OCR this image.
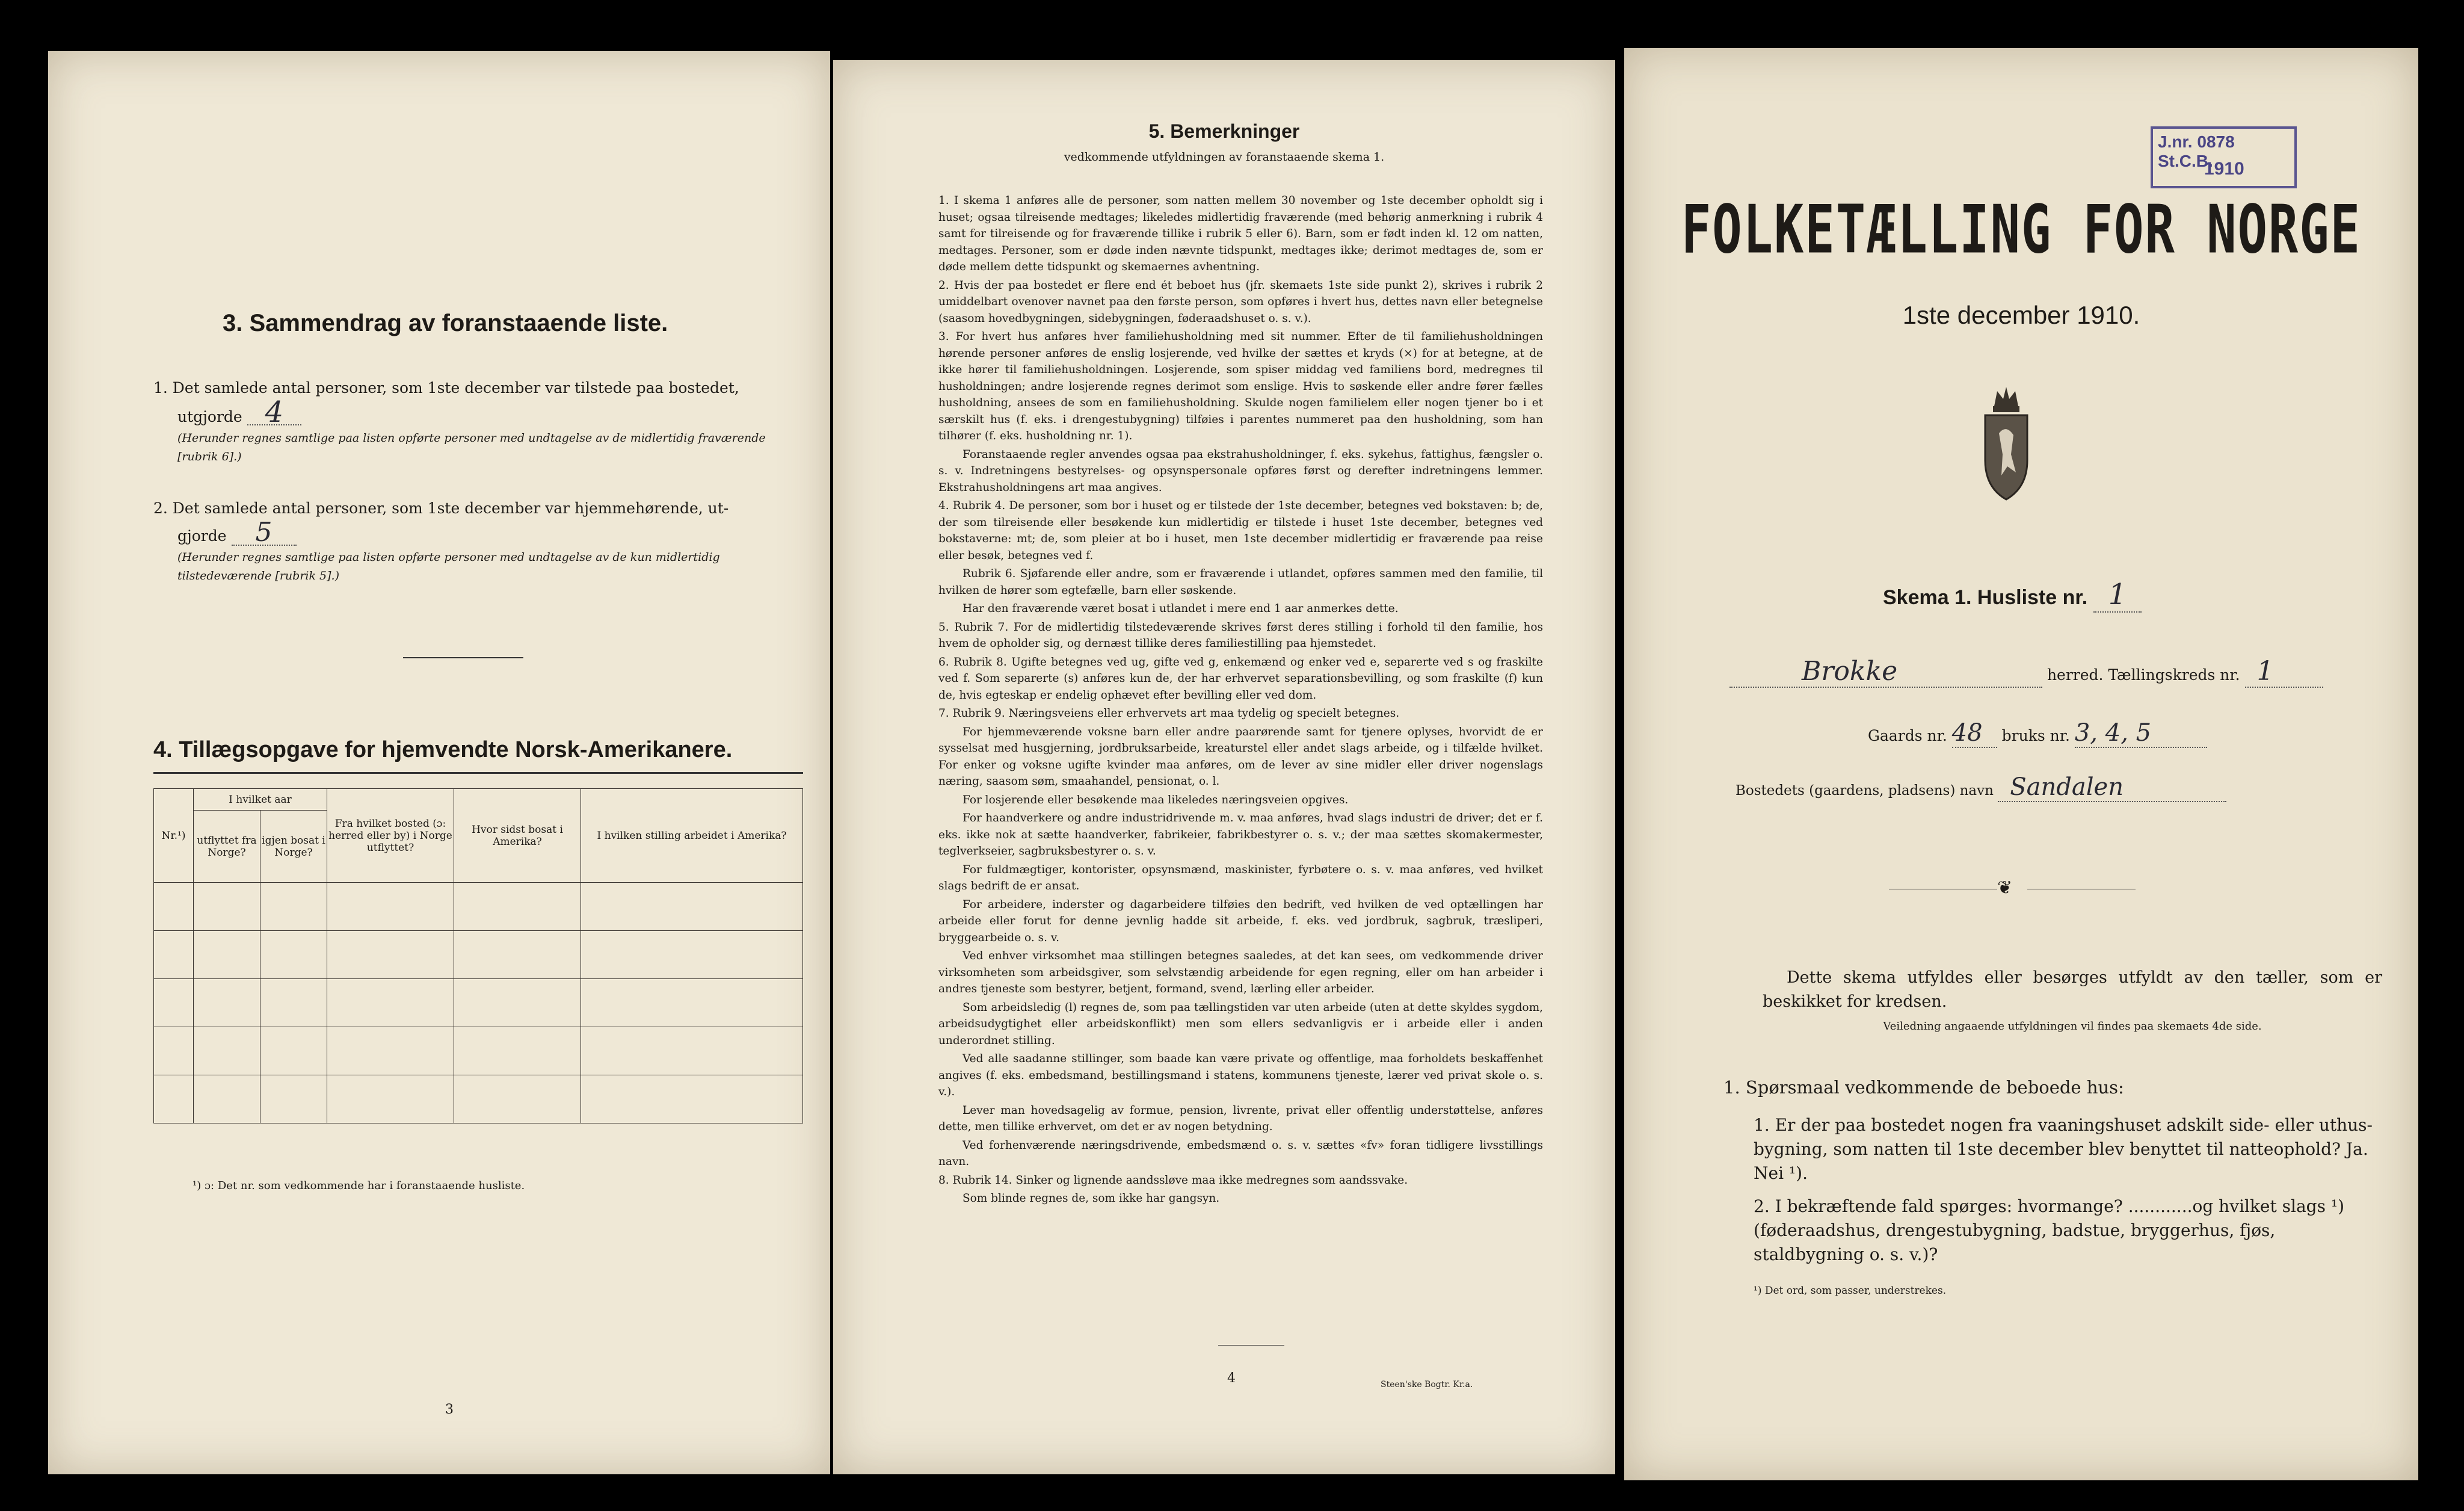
3. Sammendrag av foranstaaende liste.
1. Det samlede antal personer, som 1ste december var tilstede paa bostedet,
utgjorde 4
(Herunder regnes samtlige paa listen opførte personer med undtagelse av de midlertidig fraværende [rubrik 6].)
2. Det samlede antal personer, som 1ste december var hjemmehørende, ut-
gjorde 5
(Herunder regnes samtlige paa listen opførte personer med undtagelse av de kun midlertidig tilstedeværende [rubrik 5].)
4. Tillægsopgave for hjemvendte Norsk-Amerikanere.
Nr.¹)	I hvilket aar		Fra hvilket bosted (ɔ: herred eller by) i Norge utflyttet?	Hvor sidst bosat i Amerika?	I hvilken stilling arbeidet i Amerika?
	utflyttet fra Norge?	igjen bosat i Norge?			

¹) ɔ: Det nr. som vedkommende har i foranstaaende husliste.
3
5. Bemerkninger
vedkommende utfyldningen av foranstaaende skema 1.

1. I skema 1 anføres alle de personer, som natten mellem 30 november og 1ste december opholdt sig i huset; ogsaa tilreisende medtages; likeledes midlertidig fraværende (med behørig anmerkning i rubrik 4 samt for tilreisende og for fraværende tillike i rubrik 5 eller 6). Barn, som er født inden kl. 12 om natten, medtages. Personer, som er døde inden nævnte tidspunkt, medtages ikke; derimot medtages de, som er døde mellem dette tidspunkt og skemaernes avhentning.

2. Hvis der paa bostedet er flere end ét beboet hus (jfr. skemaets 1ste side punkt 2), skrives i rubrik 2 umiddelbart ovenover navnet paa den første person, som opføres i hvert hus, dettes navn eller betegnelse (saasom hovedbygningen, sidebygningen, føderaadshuset o. s. v.).

3. For hvert hus anføres hver familiehusholdning med sit nummer. Efter de til familiehusholdningen hørende personer anføres de enslig losjerende, ved hvilke der sættes et kryds (×) for at betegne, at de ikke hører til familiehusholdningen. Losjerende, som spiser middag ved familiens bord, medregnes til husholdningen; andre losjerende regnes derimot som enslige. Hvis to søskende eller andre fører fælles husholdning, ansees de som en familiehusholdning. Skulde nogen familielem eller nogen tjener bo i et særskilt hus (f. eks. i drengestubygning) tilføies i parentes nummeret paa den husholdning, som han tilhører (f. eks. husholdning nr. 1).

Foranstaaende regler anvendes ogsaa paa ekstrahusholdninger, f. eks. sykehus, fattighus, fængsler o. s. v. Indretningens bestyrelses- og opsynspersonale opføres først og derefter indretningens lemmer. Ekstrahusholdningens art maa angives.

4. Rubrik 4. De personer, som bor i huset og er tilstede der 1ste december, betegnes ved bokstaven: b; de, der som tilreisende eller besøkende kun midlertidig er tilstede i huset 1ste december, betegnes ved bokstaverne: mt; de, som pleier at bo i huset, men 1ste december midlertidig er fraværende paa reise eller besøk, betegnes ved f.

Rubrik 6. Sjøfarende eller andre, som er fraværende i utlandet, opføres sammen med den familie, til hvilken de hører som egtefælle, barn eller søskende.

Har den fraværende været bosat i utlandet i mere end 1 aar anmerkes dette.

5. Rubrik 7. For de midlertidig tilstedeværende skrives først deres stilling i forhold til den familie, hos hvem de opholder sig, og dernæst tillike deres familiestilling paa hjemstedet.

6. Rubrik 8. Ugifte betegnes ved ug, gifte ved g, enkemænd og enker ved e, separerte ved s og fraskilte ved f. Som separerte (s) anføres kun de, der har erhvervet separationsbevilling, og som fraskilte (f) kun de, hvis egteskap er endelig ophævet efter bevilling eller ved dom.

7. Rubrik 9. Næringsveiens eller erhvervets art maa tydelig og specielt betegnes.

For hjemmeværende voksne barn eller andre paarørende samt for tjenere oplyses, hvorvidt de er sysselsat med husgjerning, jordbruksarbeide, kreaturstel eller andet slags arbeide, og i tilfælde hvilket. For enker og voksne ugifte kvinder maa anføres, om de lever av sine midler eller driver nogenslags næring, saasom søm, smaahandel, pensionat, o. l.

For losjerende eller besøkende maa likeledes næringsveien opgives.

For haandverkere og andre industridrivende m. v. maa anføres, hvad slags industri de driver; det er f. eks. ikke nok at sætte haandverker, fabrikeier, fabrikbestyrer o. s. v.; der maa sættes skomakermester, teglverkseier, sagbruksbestyrer o. s. v.

For fuldmægtiger, kontorister, opsynsmænd, maskinister, fyrbøtere o. s. v. maa anføres, ved hvilket slags bedrift de er ansat.

For arbeidere, inderster og dagarbeidere tilføies den bedrift, ved hvilken de ved optællingen har arbeide eller forut for denne jevnlig hadde sit arbeide, f. eks. ved jordbruk, sagbruk, træsliperi, bryggearbeide o. s. v.

Ved enhver virksomhet maa stillingen betegnes saaledes, at det kan sees, om vedkommende driver virksomheten som arbeidsgiver, som selvstændig arbeidende for egen regning, eller om han arbeider i andres tjeneste som bestyrer, betjent, formand, svend, lærling eller arbeider.

Som arbeidsledig (l) regnes de, som paa tællingstiden var uten arbeide (uten at dette skyldes sygdom, arbeidsudygtighet eller arbeidskonflikt) men som ellers sedvanligvis er i arbeide eller i anden underordnet stilling.

Ved alle saadanne stillinger, som baade kan være private og offentlige, maa forholdets beskaffenhet angives (f. eks. embedsmand, bestillingsmand i statens, kommunens tjeneste, lærer ved privat skole o. s. v.).

Lever man hovedsagelig av formue, pension, livrente, privat eller offentlig understøttelse, anføres dette, men tillike erhvervet, om det er av nogen betydning.

Ved forhenværende næringsdrivende, embedsmænd o. s. v. sættes «fv» foran tidligere livsstillings navn.

8. Rubrik 14. Sinker og lignende aandssløve maa ikke medregnes som aandssvake.

Som blinde regnes de, som ikke har gangsyn.

4	Steen'ske Bogtr. Kr.a.
J.nr. 0878 St.C.B.
1910
FOLKETÆLLING FOR NORGE
1ste december 1910.
Skema 1. Husliste nr. 1
Brokke	herred. Tællingskreds nr. 1
Gaards nr. 48 bruks nr. 3, 4, 5
Bostedets (gaardens, pladsens) navn Sandalen
❦
Dette skema utfyldes eller besørges utfyldt av den tæller, som er beskikket for kredsen.
Veiledning angaaende utfyldningen vil findes paa skemaets 4de side.
1. Spørsmaal vedkommende de beboede hus:
1. Er der paa bostedet nogen fra vaaningshuset adskilt side- eller uthus-bygning, som natten til 1ste december blev benyttet til natteophold? Ja. Nei ¹).
2. I bekræftende fald spørges: hvormange? ............og hvilket slags ¹) (føderaadshus, drengestubygning, badstue, bryggerhus, fjøs, staldbygning o. s. v.)?
¹) Det ord, som passer, understrekes.
